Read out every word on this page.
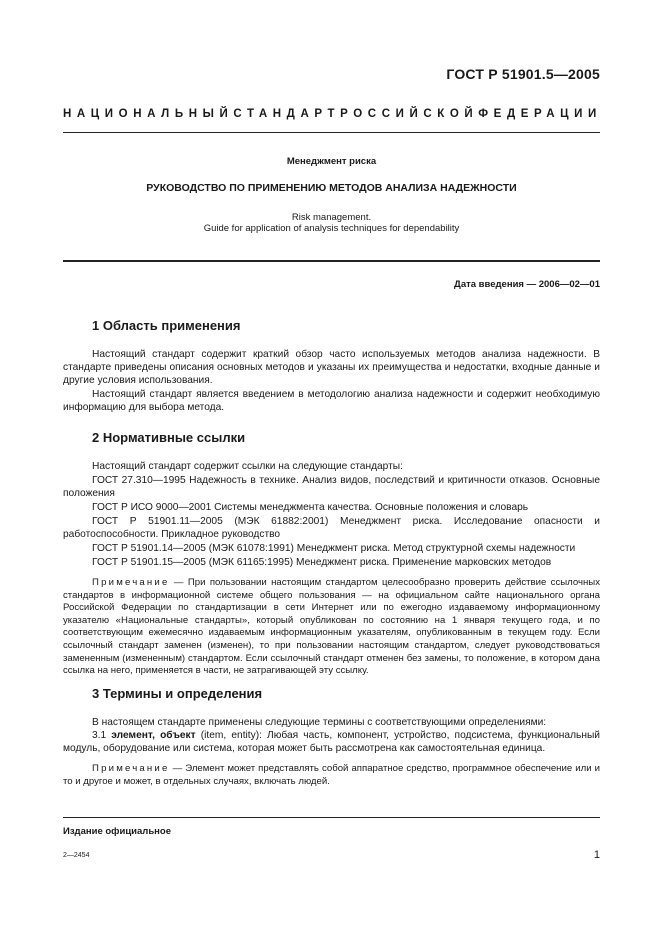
ГОСТ Р 51901.5—2005
НАЦИОНАЛЬНЫЙ СТАНДАРТ РОССИЙСКОЙ ФЕДЕРАЦИИ
Менеджмент риска
РУКОВОДСТВО ПО ПРИМЕНЕНИЮ МЕТОДОВ АНАЛИЗА НАДЕЖНОСТИ
Risk management.
Guide for application of analysis techniques for dependability
Дата введения — 2006—02—01
1 Область применения
Настоящий стандарт содержит краткий обзор часто используемых методов анализа надежности. В стандарте приведены описания основных методов и указаны их преимущества и недостатки, входные данные и другие условия использования.
Настоящий стандарт является введением в методологию анализа надежности и содержит необходимую информацию для выбора метода.
2 Нормативные ссылки
Настоящий стандарт содержит ссылки на следующие стандарты:
ГОСТ 27.310—1995 Надежность в технике. Анализ видов, последствий и критичности отказов. Основные положения
ГОСТ Р ИСО 9000—2001 Системы менеджмента качества. Основные положения и словарь
ГОСТ Р 51901.11—2005 (МЭК 61882:2001) Менеджмент риска. Исследование опасности и работоспособности. Прикладное руководство
ГОСТ Р 51901.14—2005 (МЭК 61078:1991) Менеджмент риска. Метод структурной схемы надежности
ГОСТ Р 51901.15—2005 (МЭК 61165:1995) Менеджмент риска. Применение марковских методов
Примечание — При пользовании настоящим стандартом целесообразно проверить действие ссылочных стандартов в информационной системе общего пользования — на официальном сайте национального органа Российской Федерации по стандартизации в сети Интернет или по ежегодно издаваемому информационному указателю «Национальные стандарты», который опубликован по состоянию на 1 января текущего года, и по соответствующим ежемесячно издаваемым информационным указателям, опубликованным в текущем году. Если ссылочный стандарт заменен (изменен), то при пользовании настоящим стандартом, следует руководствоваться замененным (измененным) стандартом. Если ссылочный стандарт отменен без замены, то положение, в котором дана ссылка на него, применяется в части, не затрагивающей эту ссылку.
3 Термины и определения
В настоящем стандарте применены следующие термины с соответствующими определениями:
3.1 элемент, объект (item, entity): Любая часть, компонент, устройство, подсистема, функциональный модуль, оборудование или система, которая может быть рассмотрена как самостоятельная единица.
Примечание — Элемент может представлять собой аппаратное средство, программное обеспечение или и то и другое и может, в отдельных случаях, включать людей.
Издание официальное
2—2454	1
